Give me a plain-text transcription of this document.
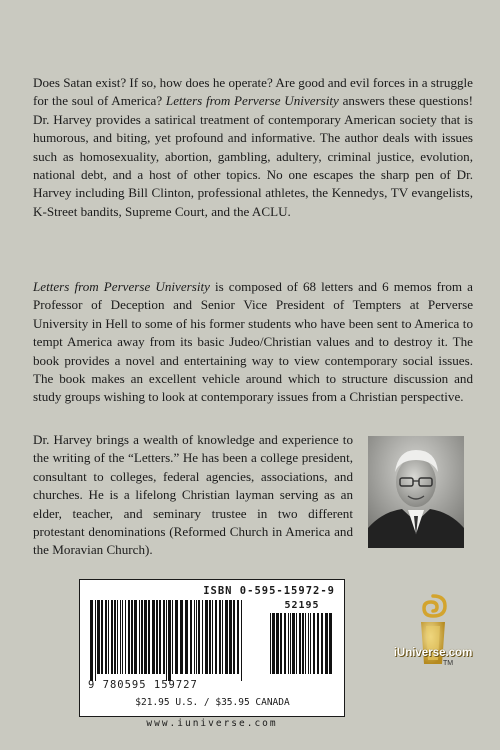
Does Satan exist? If so, how does he operate? Are good and evil forces in a struggle for the soul of America? Letters from Perverse University answers these questions! Dr. Harvey provides a satirical treatment of contemporary American society that is humorous, and biting, yet profound and informative. The author deals with issues such as homosexuality, abortion, gambling, adultery, criminal justice, evolution, national debt, and a host of other topics. No one escapes the sharp pen of Dr. Harvey including Bill Clinton, professional athletes, the Kennedys, TV evangelists, K-Street bandits, Supreme Court, and the ACLU.

Letters from Perverse University is composed of 68 letters and 6 memos from a Professor of Deception and Senior Vice President of Tempters at Perverse University in Hell to some of his former students who have been sent to America to tempt America away from its basic Judeo/Christian values and to destroy it. The book provides a novel and entertaining way to view contemporary social issues. The book makes an excellent vehicle around which to structure discussion and study groups wishing to look at contemporary issues from a Christian perspective.

Dr. Harvey brings a wealth of knowledge and experience to the writing of the “Letters.” He has been a college president, consultant to colleges, federal agencies, associations, and churches. He is a lifelong Christian layman serving as an elder, teacher, and seminary trustee in two different protestant denominations (Reformed Church in America and the Moravian Church).

ISBN 0-595-15972-9
52195
9 780595 159727
$21.95 U.S. / $35.95 CANADA
www.iuniverse.com
iUniverse.com
TM
